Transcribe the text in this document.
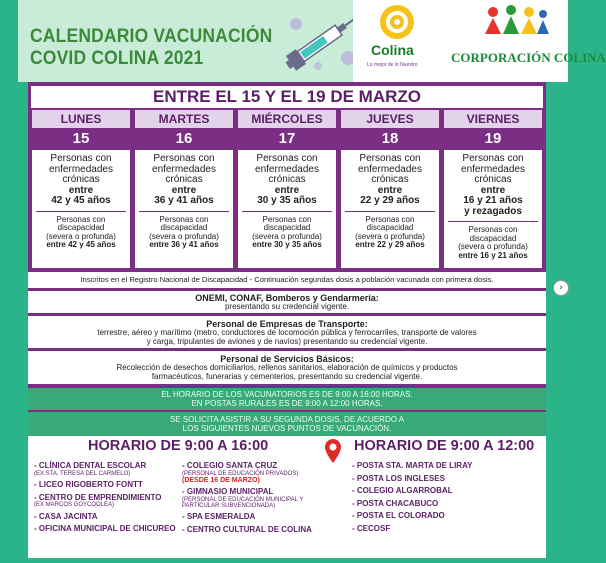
CALENDARIO VACUNACIÓN
COVID COLINA 2021	Colina
Lo mejor de lo Nuestro	CORPORACIÓN COLINA
ENTRE EL 15 Y EL 19 DE MARZO
LUNES
15
Personas con
enfermedades
crónicas
entre
42 y 45 años
Personas con
discapacidad
(severa o profunda)
entre 42 y 45 años
MARTES
16
Personas con
enfermedades
crónicas
entre
36 y 41 años
Personas con
discapacidad
(severa o profunda)
entre 36 y 41 años
MIÉRCOLES
17
Personas con
enfermedades
crónicas
entre
30 y 35 años
Personas con
discapacidad
(severa o profunda)
entre 30 y 35 años
JUEVES
18
Personas con
enfermedades
crónicas
entre
22 y 29 años
Personas con
discapacidad
(severa o profunda)
entre 22 y 29 años
VIERNES
19
Personas con
enfermedades
crónicas
entre
16 y 21 años
y rezagados
Personas con
discapacidad
(severa o profunda)
entre 16 y 21 años
Inscritos en el Registro Nacional de Discapacidad - Continuación segundas dosis a población vacunada con primera dosis.
ONEMI, CONAF, Bomberos y Gendarmería:
presentando su credencial vigente.
Personal de Empresas de Transporte:
terrestre, aéreo y marítimo (metro, conductores de locomoción pública y ferrocarriles, transporte de valores
y carga, tripulantes de aviones y de navíos) presentando su credencial vigente.
Personal de Servicios Básicos:
Recolección de desechos domiciliarios, rellenos sanitarios, elaboración de químicos y productos
farmacéuticos, funerarias y cementerios, presentando su credencial vigente.
EL HORARIO DE LOS VACUNATORIOS ES DE 9:00 A 16:00 HORAS.
EN POSTAS RURALES ES DE 9:00 A 12:00 HORAS.
SE SOLICITA ASISTIR A SU SEGUNDA DOSIS, DE ACUERDO A
LOS SIGUIENTES NUEVOS PUNTOS DE VACUNACIÓN.
HORARIO DE 9:00 A 16:00
- CLÍNICA DENTAL ESCOLAR
(EX STA. TERESA DEL CARMELO)
- LICEO RIGOBERTO FONTT
- CENTRO DE EMPRENDIMIENTO
(EX MARCOS GOYCOOLEA)
- CASA JACINTA
- OFICINA MUNICIPAL DE CHICUREO
- COLEGIO SANTA CRUZ
(PERSONAL DE EDUCACIÓN PRIVADOS)
(DESDE 16 DE MARZO)
- GIMNASIO MUNICIPAL
(PERSONAL DE EDUCACIÓN MUNICIPAL Y PARTICULAR SUBVENCIONADA)
- SPA ESMERALDA
- CENTRO CULTURAL DE COLINA
HORARIO DE 9:00 A 12:00
- POSTA STA. MARTA DE LIRAY
- POSTA LOS INGLESES
- COLEGIO ALGARROBAL
- POSTA CHACABUCO
- POSTA EL COLORADO
- CECOSF
›
